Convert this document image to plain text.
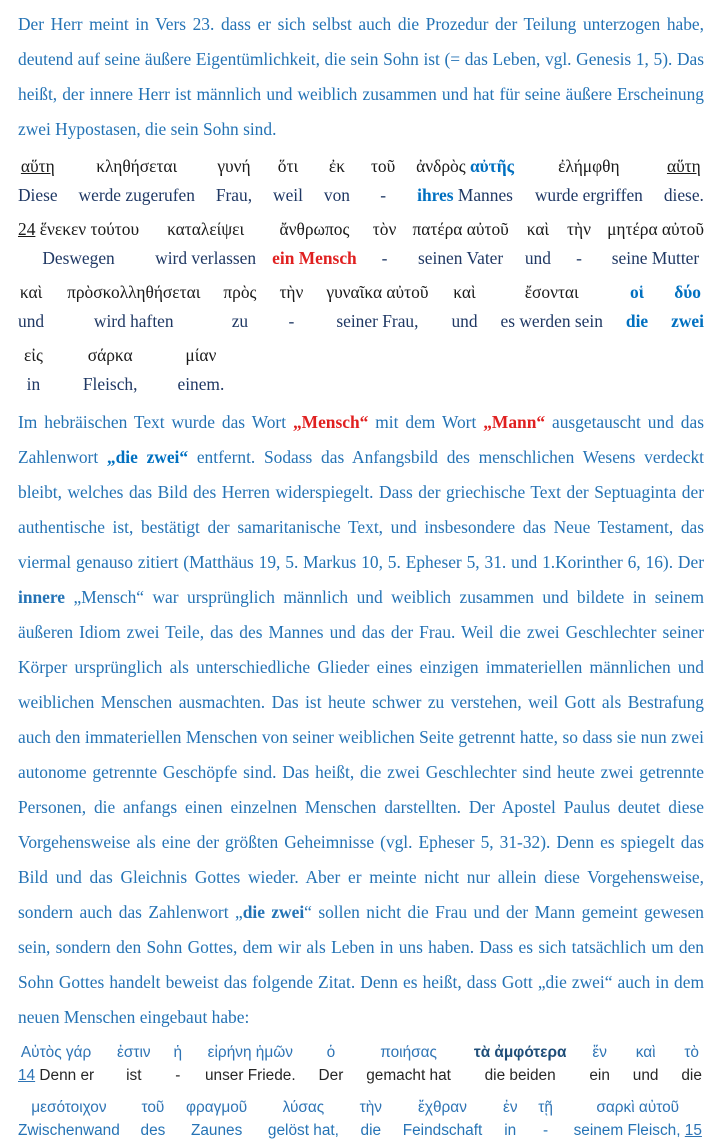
Der Herr meint in Vers 23. dass er sich selbst auch die Prozedur der Teilung unterzogen habe, deutend auf seine äußere Eigentümlichkeit, die sein Sohn ist (= das Leben, vgl. Genesis 1, 5). Das heißt, der innere Herr ist männlich und weiblich zusammen und hat für seine äußere Erscheinung zwei Hypostasen, die sein Sohn sind.

αὕτη
Diese
κληθήσεται
werde zugerufen
γυνή
Frau,
ὅτι
weil
ἐκ
von
τοῦ
-
ἀνδρὸς αὐτῆς
ihres Mannes
ἐλήμφθη
wurde ergriffen
αὕτη
diese.
24 ἕνεκεν τούτου
Deswegen
καταλείψει
wird verlassen
ἄνθρωπος
ein Mensch
τὸν
-
πατέρα αὐτοῦ
seinen Vater
καὶ
und
τὴν
-
μητέρα αὐτοῦ
seine Mutter
καὶ
und
πρὸσκολληθήσεται
wird haften
πρὸς
zu
τὴν
-
γυναῖκα αὐτοῦ
seiner Frau,
καὶ
und
ἔσονται
es werden sein
οἱ
die
δύο
zwei
εἰς
in
σάρκα
Fleisch,
μίαν
einem.

Im hebräischen Text wurde das Wort „Mensch“ mit dem Wort „Mann“ ausgetauscht und das Zahlenwort „die zwei“ entfernt. Sodass das Anfangsbild des menschlichen Wesens verdeckt bleibt, welches das Bild des Herren widerspiegelt. Dass der griechische Text der Septuaginta der authentische ist, bestätigt der samaritanische Text, und insbesondere das Neue Testament, das viermal genauso zitiert (Matthäus 19, 5. Markus 10, 5. Epheser 5, 31. und 1.Korinther 6, 16). Der innere „Mensch“ war ursprünglich männlich und weiblich zusammen und bildete in seinem äußeren Idiom zwei Teile, das des Mannes und das der Frau. Weil die zwei Geschlechter seiner Körper ursprünglich als unterschiedliche Glieder eines einzigen immateriellen männlichen und weiblichen Menschen ausmachten. Das ist heute schwer zu verstehen, weil Gott als Bestrafung auch den immateriellen Menschen von seiner weiblichen Seite getrennt hatte, so dass sie nun zwei autonome getrennte Geschöpfe sind. Das heißt, die zwei Geschlechter sind heute zwei getrennte Personen, die anfangs einen einzelnen Menschen darstellten. Der Apostel Paulus deutet diese Vorgehensweise als eine der größten Geheimnisse (vgl. Epheser 5, 31-32). Denn es spiegelt das Bild und das Gleichnis Gottes wieder. Aber er meinte nicht nur allein diese Vorgehensweise, sondern auch das Zahlenwort „die zwei“ sollen nicht die Frau und der Mann gemeint gewesen sein, sondern den Sohn Gottes, dem wir als Leben in uns haben. Dass es sich tatsächlich um den Sohn Gottes handelt beweist das folgende Zitat. Denn es heißt, dass Gott „die zwei“ auch in dem neuen Menschen eingebaut habe:

Αὐτὸς γάρ
14 Denn er
ἐστιν
ist
ἡ
-
εἰρήνη ἡμῶν
unser Friede.
ὁ
Der
ποιήσας
gemacht hat
τὰ ἀμφότερα
die beiden
ἕν
ein
καὶ
und
τὸ
die
μεσότοιχον
Zwischenwand
τοῦ
des
φραγμοῦ
Zaunes
λύσας
gelöst hat,
τὴν
die
ἔχθραν
Feindschaft
ἐν
in
τῇ
-
σαρκὶ αὐτοῦ
seinem Fleisch, 15
